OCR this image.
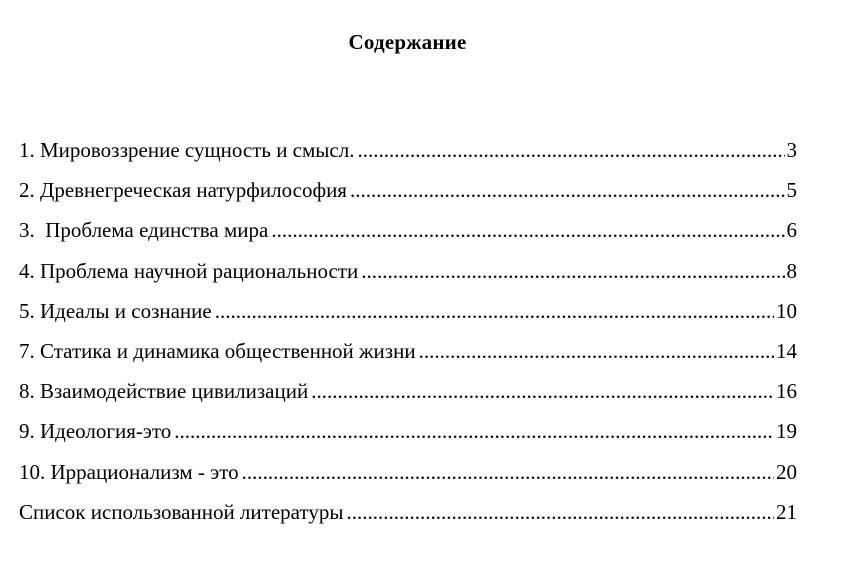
Содержание
1. Мировоззрение сущность и смысл. .....	3
2. Древнегреческая натурфилософия .....	5
3.  Проблема единства мира .....	6
4. Проблема научной рациональности .....	8
5. Идеалы и сознание .....	10
7. Статика и динамика общественной жизни .....	14
8. Взаимодействие цивилизаций .....	16
9. Идеология-это .....	19
10. Иррационализм - это .....	20
Список использованной литературы .....	21
